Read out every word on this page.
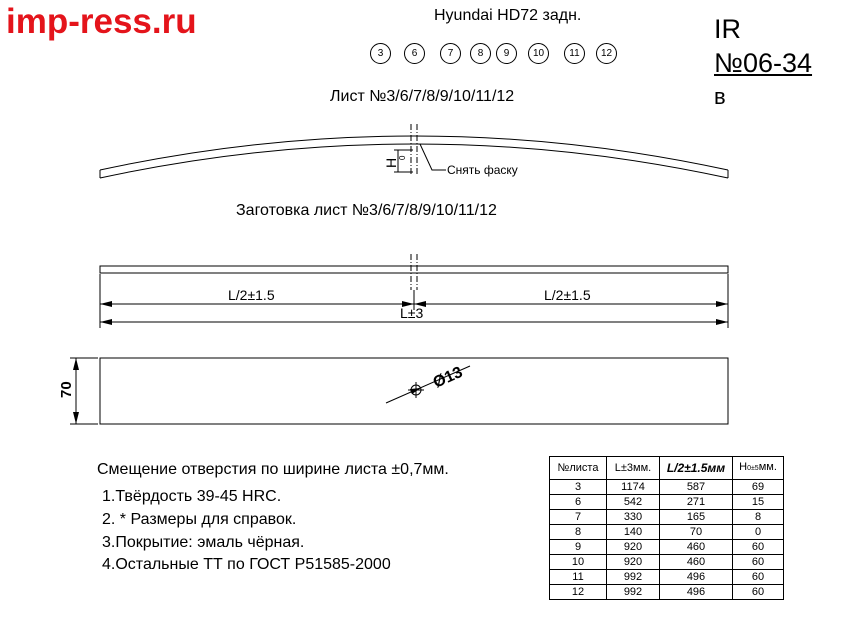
imp-ress.ru	Hyundai HD72 задн.	IR
№06-34
в
3	6	7	8	9	10	11	12
Лист №3/6/7/8/9/10/11/12
Заготовка лист №3/6/7/8/9/10/11/12
H
0
Снять фаску
L/2±1.5	L/2±1.5
L±3
70	Ø13
Смещение отверстия по ширине листа ±0,7мм.
1.Твёрдость 39-45 HRC.
2. * Размеры для справок.
3.Покрытие: эмаль чёрная.
4.Остальные ТТ по ГОСТ Р51585-2000
№листа	L±3мм.	L/2±1.5мм	H0±5мм.
3	1174	587	69
6	542	271	15
7	330	165	8
8	140	70	0
9	920	460	60
10	920	460	60
11	992	496	60
12	992	496	60
